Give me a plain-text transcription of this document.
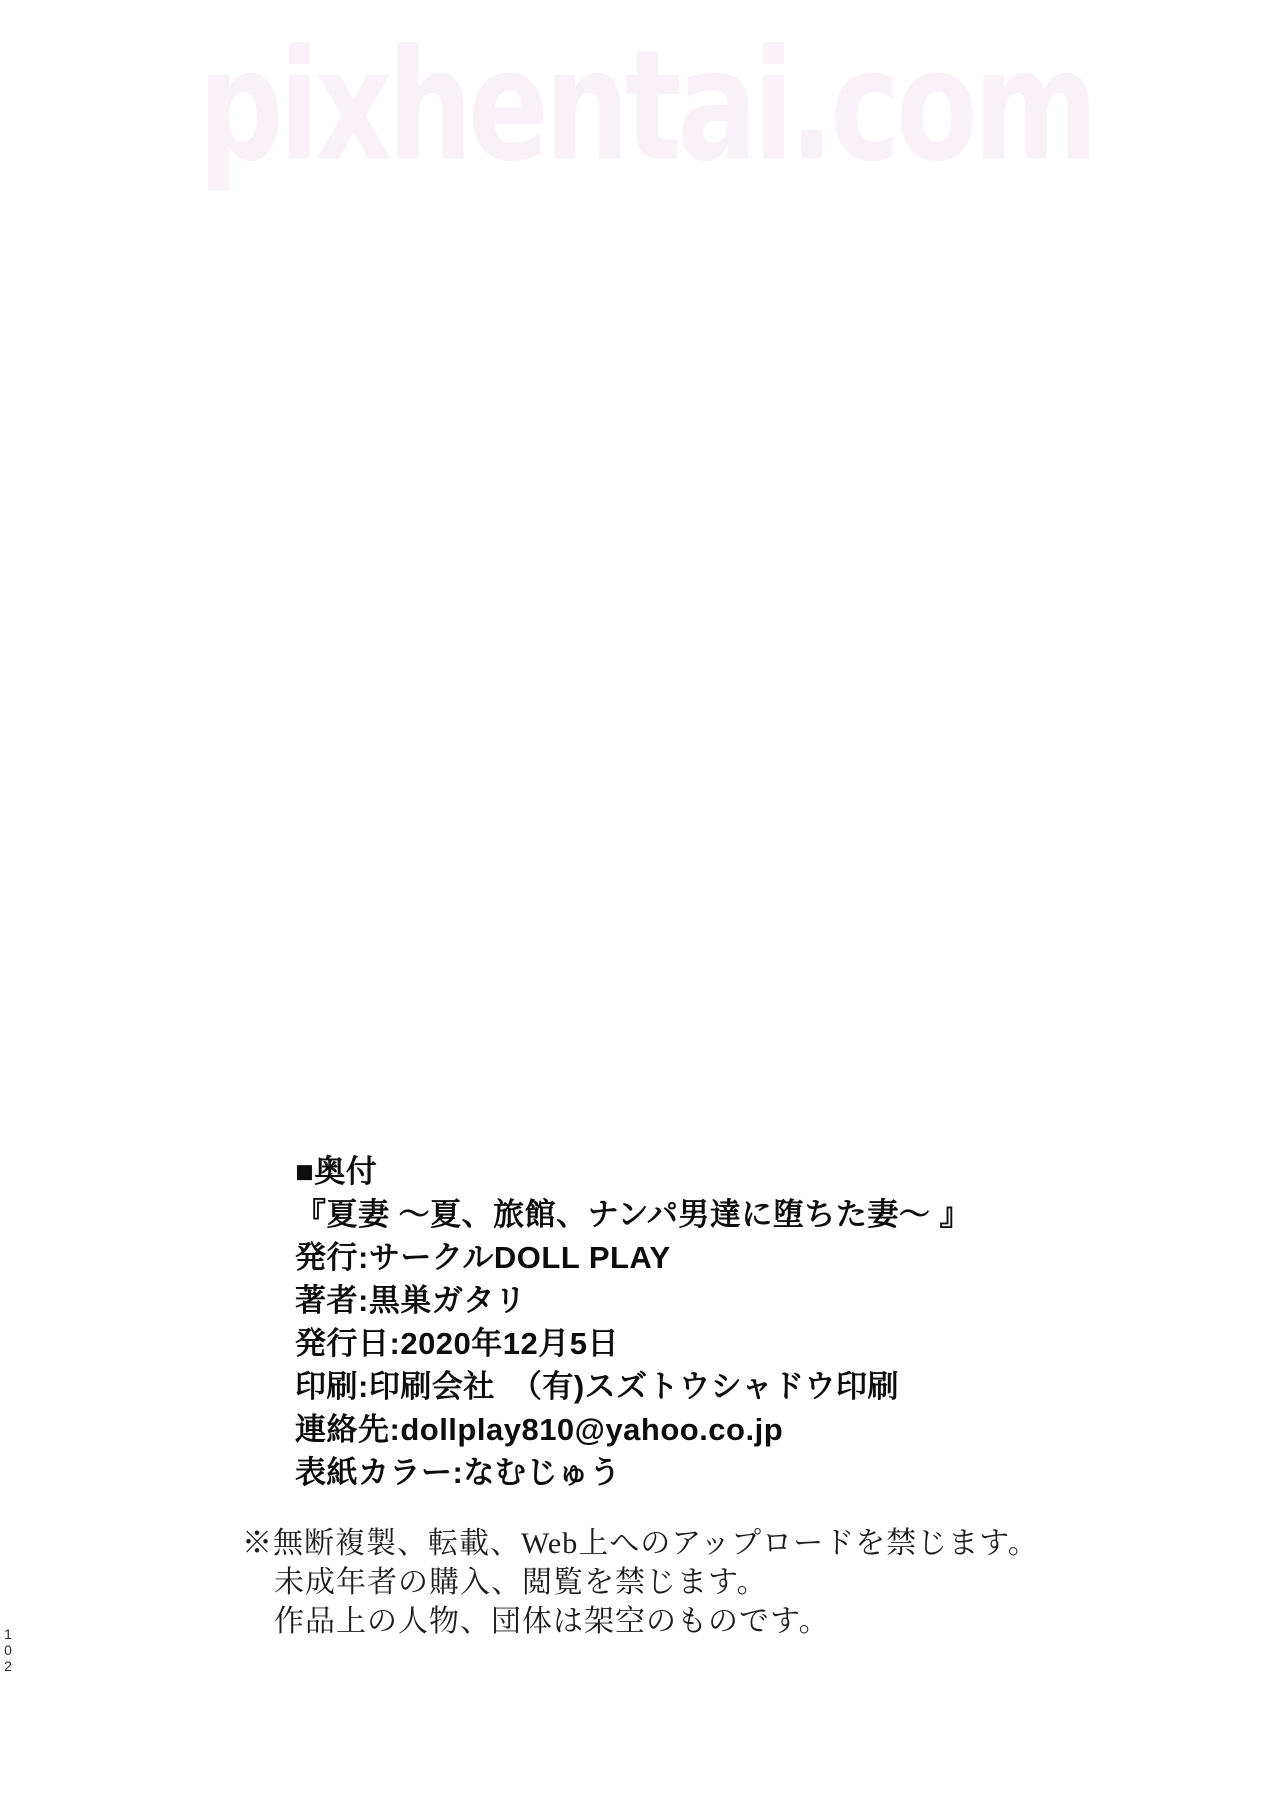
pixhentai.com
■奥付
『夏妻 ～夏、旅館、ナンパ男達に堕ちた妻～ 』
発行:サークルDOLL PLAY
著者:黒巣ガタリ
発行日:2020年12月5日
印刷:印刷会社　（有)スズトウシャドウ印刷
連絡先:dollplay810@yahoo.co.jp
表紙カラー:なむじゅう
※無断複製、転載、Web上へのアップロードを禁じます。
未成年者の購入、閲覧を禁じます。
作品上の人物、団体は架空のものです。
1
0
2
